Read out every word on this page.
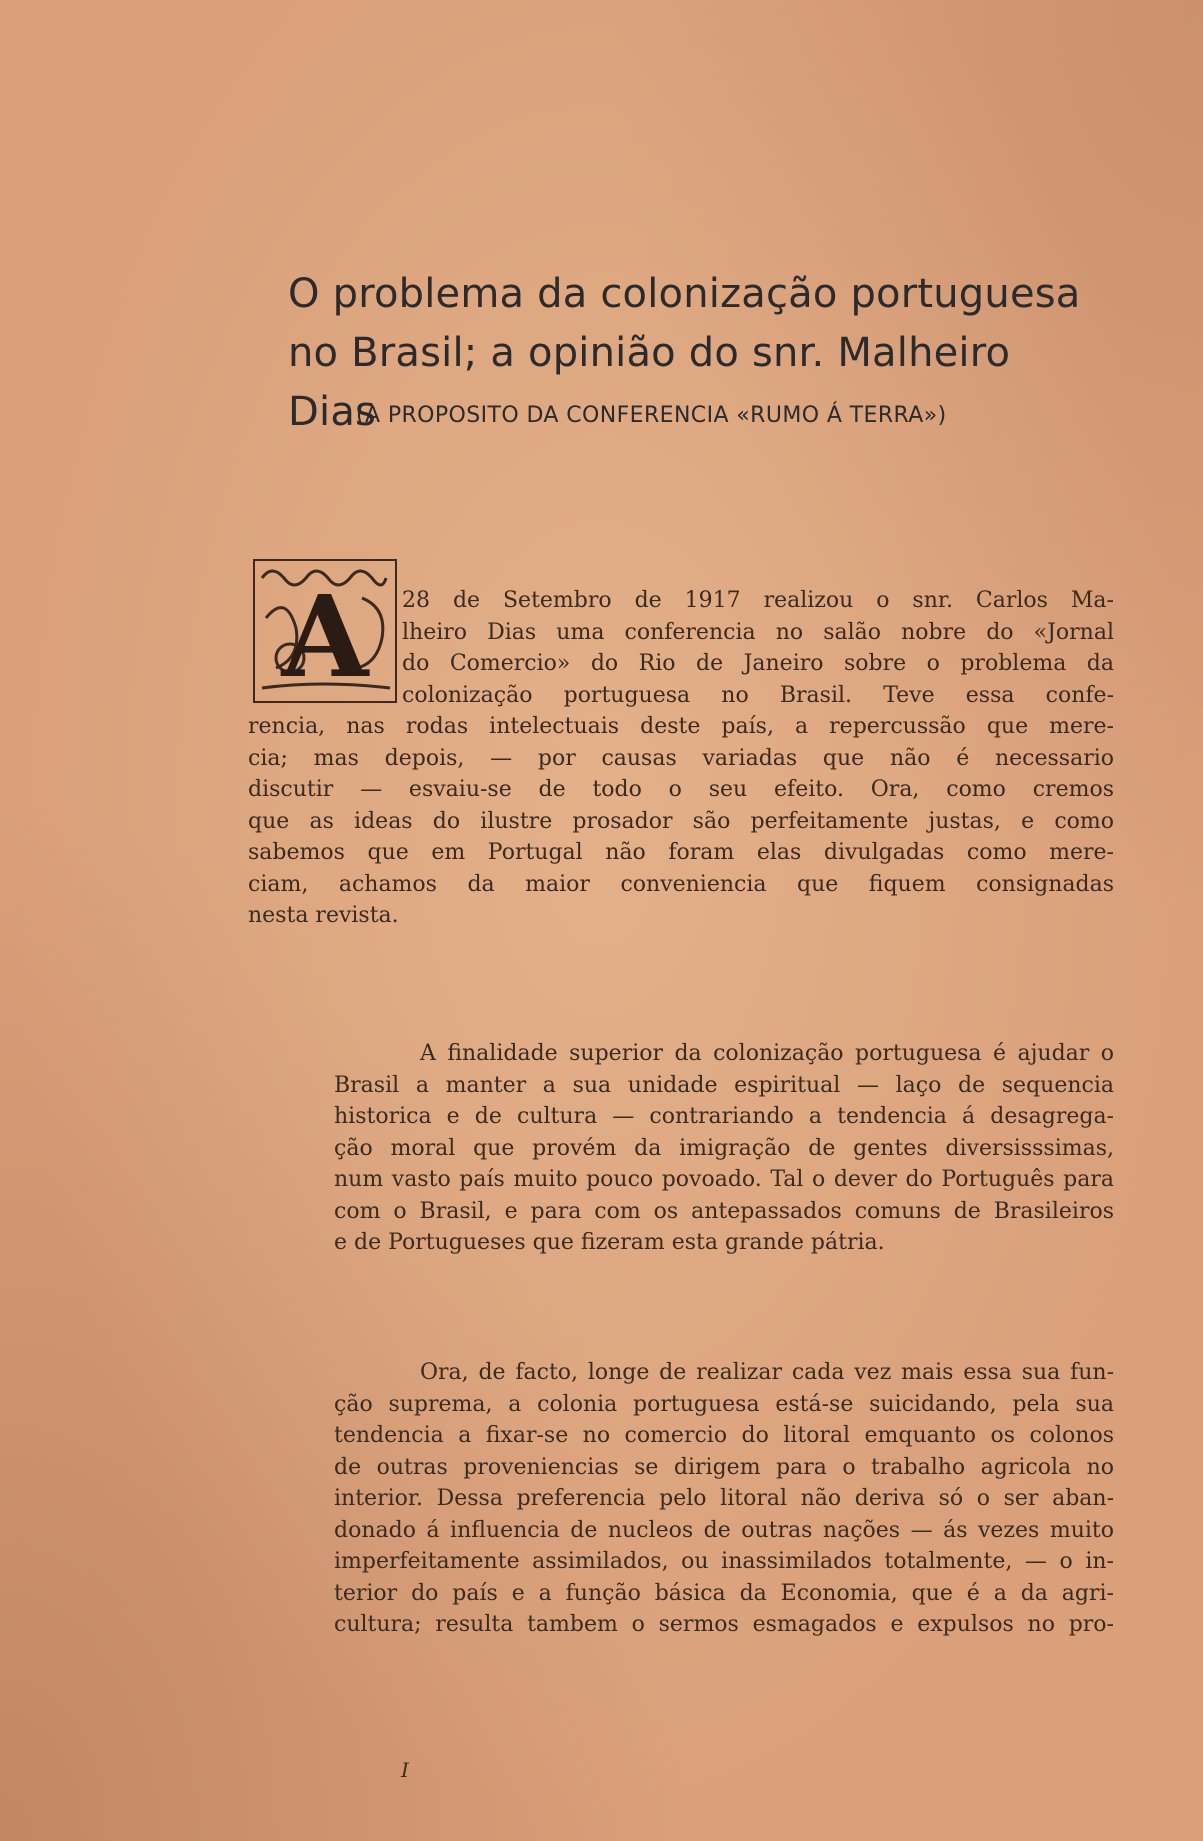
O problema da colonização portuguesa
no Brasil; a opinião do snr. Malheiro Dias
(A PROPOSITO DA CONFERENCIA «RUMO Á TERRA»)
A	28 de Setembro de 1917 realizou o snr. Carlos Ma-
lheiro Dias uma conferencia no salão nobre do «Jornal
do Comercio» do Rio de Janeiro sobre o problema da
colonização portuguesa no Brasil. Teve essa confe-
rencia, nas rodas intelectuais deste país, a repercussão que mere-
cia; mas depois, — por causas variadas que não é necessario
discutir — esvaiu-se de todo o seu efeito. Ora, como cremos
que as ideas do ilustre prosador são perfeitamente justas, e como
sabemos que em Portugal não foram elas divulgadas como mere-
ciam, achamos da maior conveniencia que fiquem consignadas
nesta revista.
A finalidade superior da colonização portuguesa é ajudar o
Brasil a manter a sua unidade espiritual — laço de sequencia
historica e de cultura — contrariando a tendencia á desagrega-
ção moral que provém da imigração de gentes diversisssimas,
num vasto país muito pouco povoado. Tal o dever do Português para
com o Brasil, e para com os antepassados comuns de Brasileiros
e de Portugueses que fizeram esta grande pátria.
Ora, de facto, longe de realizar cada vez mais essa sua fun-
ção suprema, a colonia portuguesa está-se suicidando, pela sua
tendencia a fixar-se no comercio do litoral emquanto os colonos
de outras proveniencias se dirigem para o trabalho agricola no
interior. Dessa preferencia pelo litoral não deriva só o ser aban-
donado á influencia de nucleos de outras nações — ás vezes muito
imperfeitamente assimilados, ou inassimilados totalmente, — o in-
terior do país e a função básica da Economia, que é a da agri-
cultura; resulta tambem o sermos esmagados e expulsos no pro-
I
